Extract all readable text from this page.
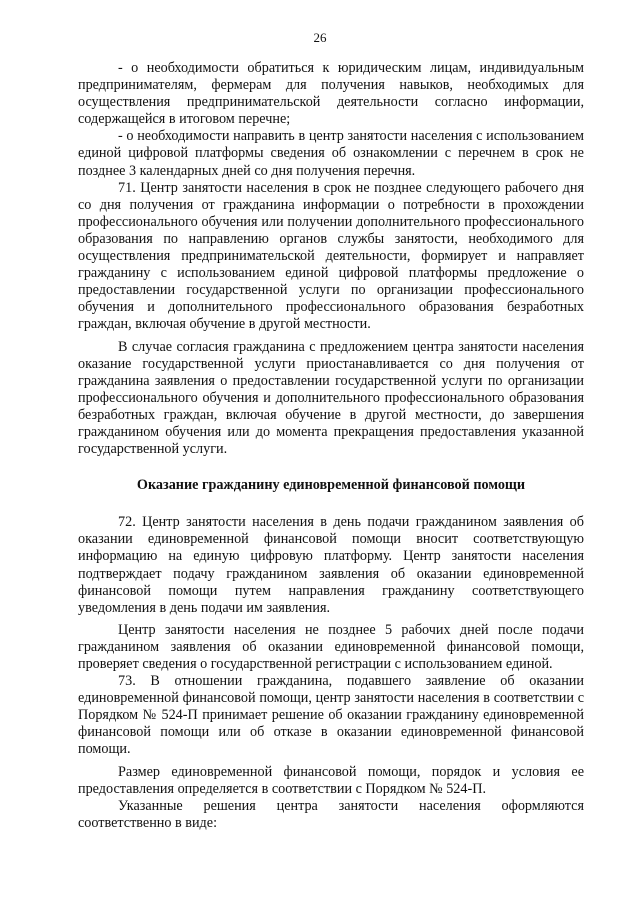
26

- о необходимости обратиться к юридическим лицам, индивидуальным предпринимателям, фермерам для получения навыков, необходимых для осуществления предпринимательской деятельности согласно информации, содержащейся в итоговом перечне;

- о необходимости направить в центр занятости населения с использованием единой цифровой платформы сведения об ознакомлении с перечнем в срок не позднее 3 календарных дней со дня получения перечня.

71. Центр занятости населения в срок не позднее следующего рабочего дня со дня получения от гражданина информации о потребности в прохождении профессионального обучения или получении дополнительного профессионального образования по направлению органов службы занятости, необходимого для осуществления предпринимательской деятельности, формирует и направляет гражданину с использованием единой цифровой платформы предложение о предоставлении государственной услуги по организации профессионального обучения и дополнительного профессионального образования безработных граждан, включая обучение в другой местности.

В случае согласия гражданина с предложением центра занятости населения оказание государственной услуги приостанавливается со дня получения от гражданина заявления о предоставлении государственной услуги по организации профессионального обучения и дополнительного профессионального образования безработных граждан, включая обучение в другой местности, до завершения гражданином обучения или до момента прекращения предоставления указанной государственной услуги.

Оказание гражданину единовременной финансовой помощи

72. Центр занятости населения в день подачи гражданином заявления об оказании единовременной финансовой помощи вносит соответствующую информацию на единую цифровую платформу. Центр занятости населения подтверждает подачу гражданином заявления об оказании единовременной финансовой помощи путем направления гражданину соответствующего уведомления в день подачи им заявления.

Центр занятости населения не позднее 5 рабочих дней после подачи гражданином заявления об оказании единовременной финансовой помощи, проверяет сведения о государственной регистрации с использованием единой.

73. В отношении гражданина, подавшего заявление об оказании единовременной финансовой помощи, центр занятости населения в соответствии с Порядком № 524-П принимает решение об оказании гражданину единовременной финансовой помощи или об отказе в оказании единовременной финансовой помощи.

Размер единовременной финансовой помощи, порядок и условия ее предоставления определяется в соответствии с Порядком № 524-П.

Указанные решения центра занятости населения оформляются соответственно в виде:
